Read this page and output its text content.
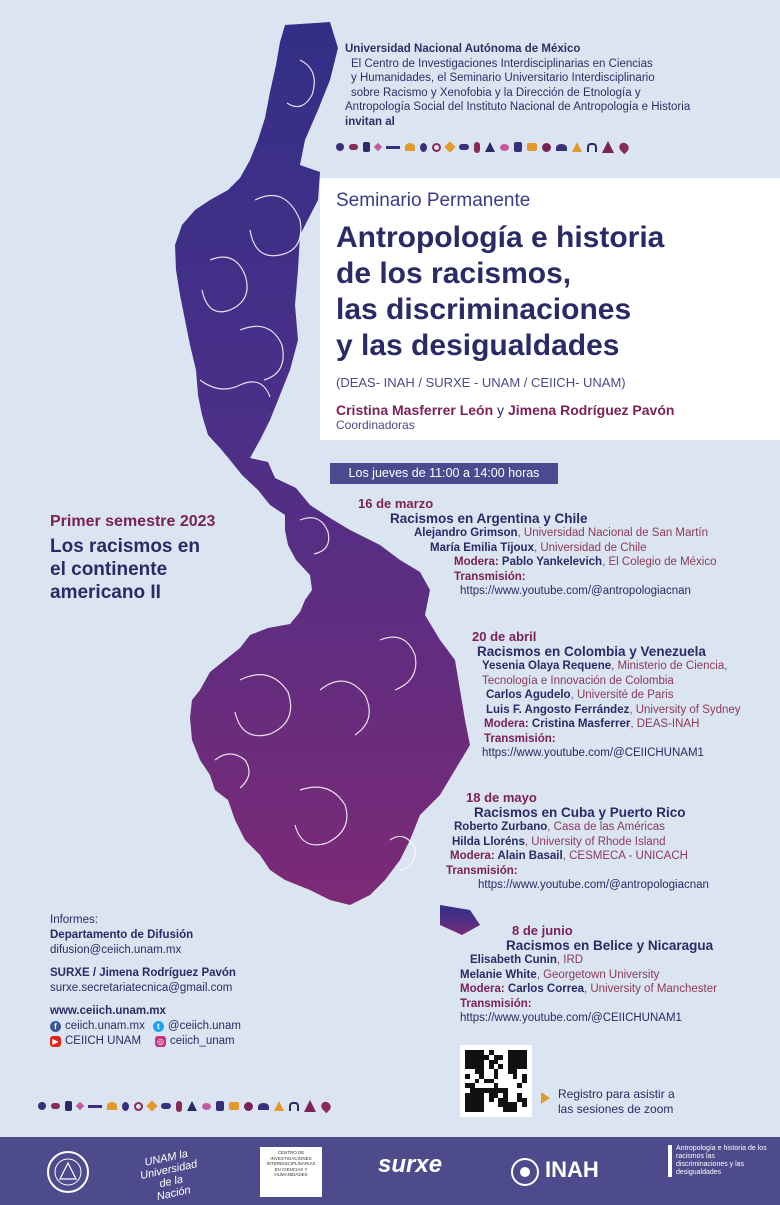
Universidad Nacional Autónoma de México
El Centro de Investigaciones Interdisciplinarias en Ciencias
y Humanidades, el Seminario Universitario Interdisciplinario
sobre Racismo y Xenofobia y la Dirección de Etnología y
Antropología Social del Instituto Nacional de Antropología e Historia
invitan al
Seminario Permanente
Antropología e historia
de los racismos,
las discriminaciones
y las desigualdades
(DEAS- INAH / SURXE - UNAM / CEIICH- UNAM)
Cristina Masferrer León y Jimena Rodríguez Pavón
Coordinadoras
Los jueves de 11:00 a 14:00 horas
Primer semestre 2023
Los racismos en
el continente
americano II
16 de marzo
Racismos en Argentina y Chile
Alejandro Grimson, Universidad Nacional de San Martín
María Emilia Tijoux, Universidad de Chile
Modera: Pablo Yankelevich, El Colegio de México
Transmisión:
https://www.youtube.com/@antropologiacnan
20 de abril
Racismos en Colombia y Venezuela
Yesenia Olaya Requene, Ministerio de Ciencia,
Tecnología e Innovación de Colombia
Carlos Agudelo, Université de Paris
Luis F. Angosto Ferrández, University of Sydney
Modera: Cristina Masferrer, DEAS-INAH
Transmisión:
https://www.youtube.com/@CEIICHUNAM1
18 de mayo
Racismos en Cuba y Puerto Rico
Roberto Zurbano, Casa de las Américas
Hilda Lloréns, University of Rhode Island
Modera: Alain Basail, CESMECA - UNICACH
Transmisión:
https://www.youtube.com/@antropologiacnan
8 de junio
Racismos en Belice y Nicaragua
Elisabeth Cunin, IRD
Melanie White, Georgetown University
Modera: Carlos Correa, University of Manchester
Transmisión:
https://www.youtube.com/@CEIICHUNAM1
Informes:
Departamento de Difusión
difusion@ceiich.unam.mx
SURXE / Jimena Rodríguez Pavón
surxe.secretariatecnica@gmail.com
www.ceiich.unam.mx
f ceiich.unam.mx	t @ceiich.unam
▶ CEIICH UNAM ◎ ceiich_unam
Registro para asistir a
las sesiones de zoom
UNAM la Universidad de la Nación
CENTRO DE INVESTIGACIONES INTERDISCIPLINARIAS EN CIENCIAS Y HUMANIDADES	surxe	INAH
Antropología e historia de los racismos las discriminaciones y las desigualdades
